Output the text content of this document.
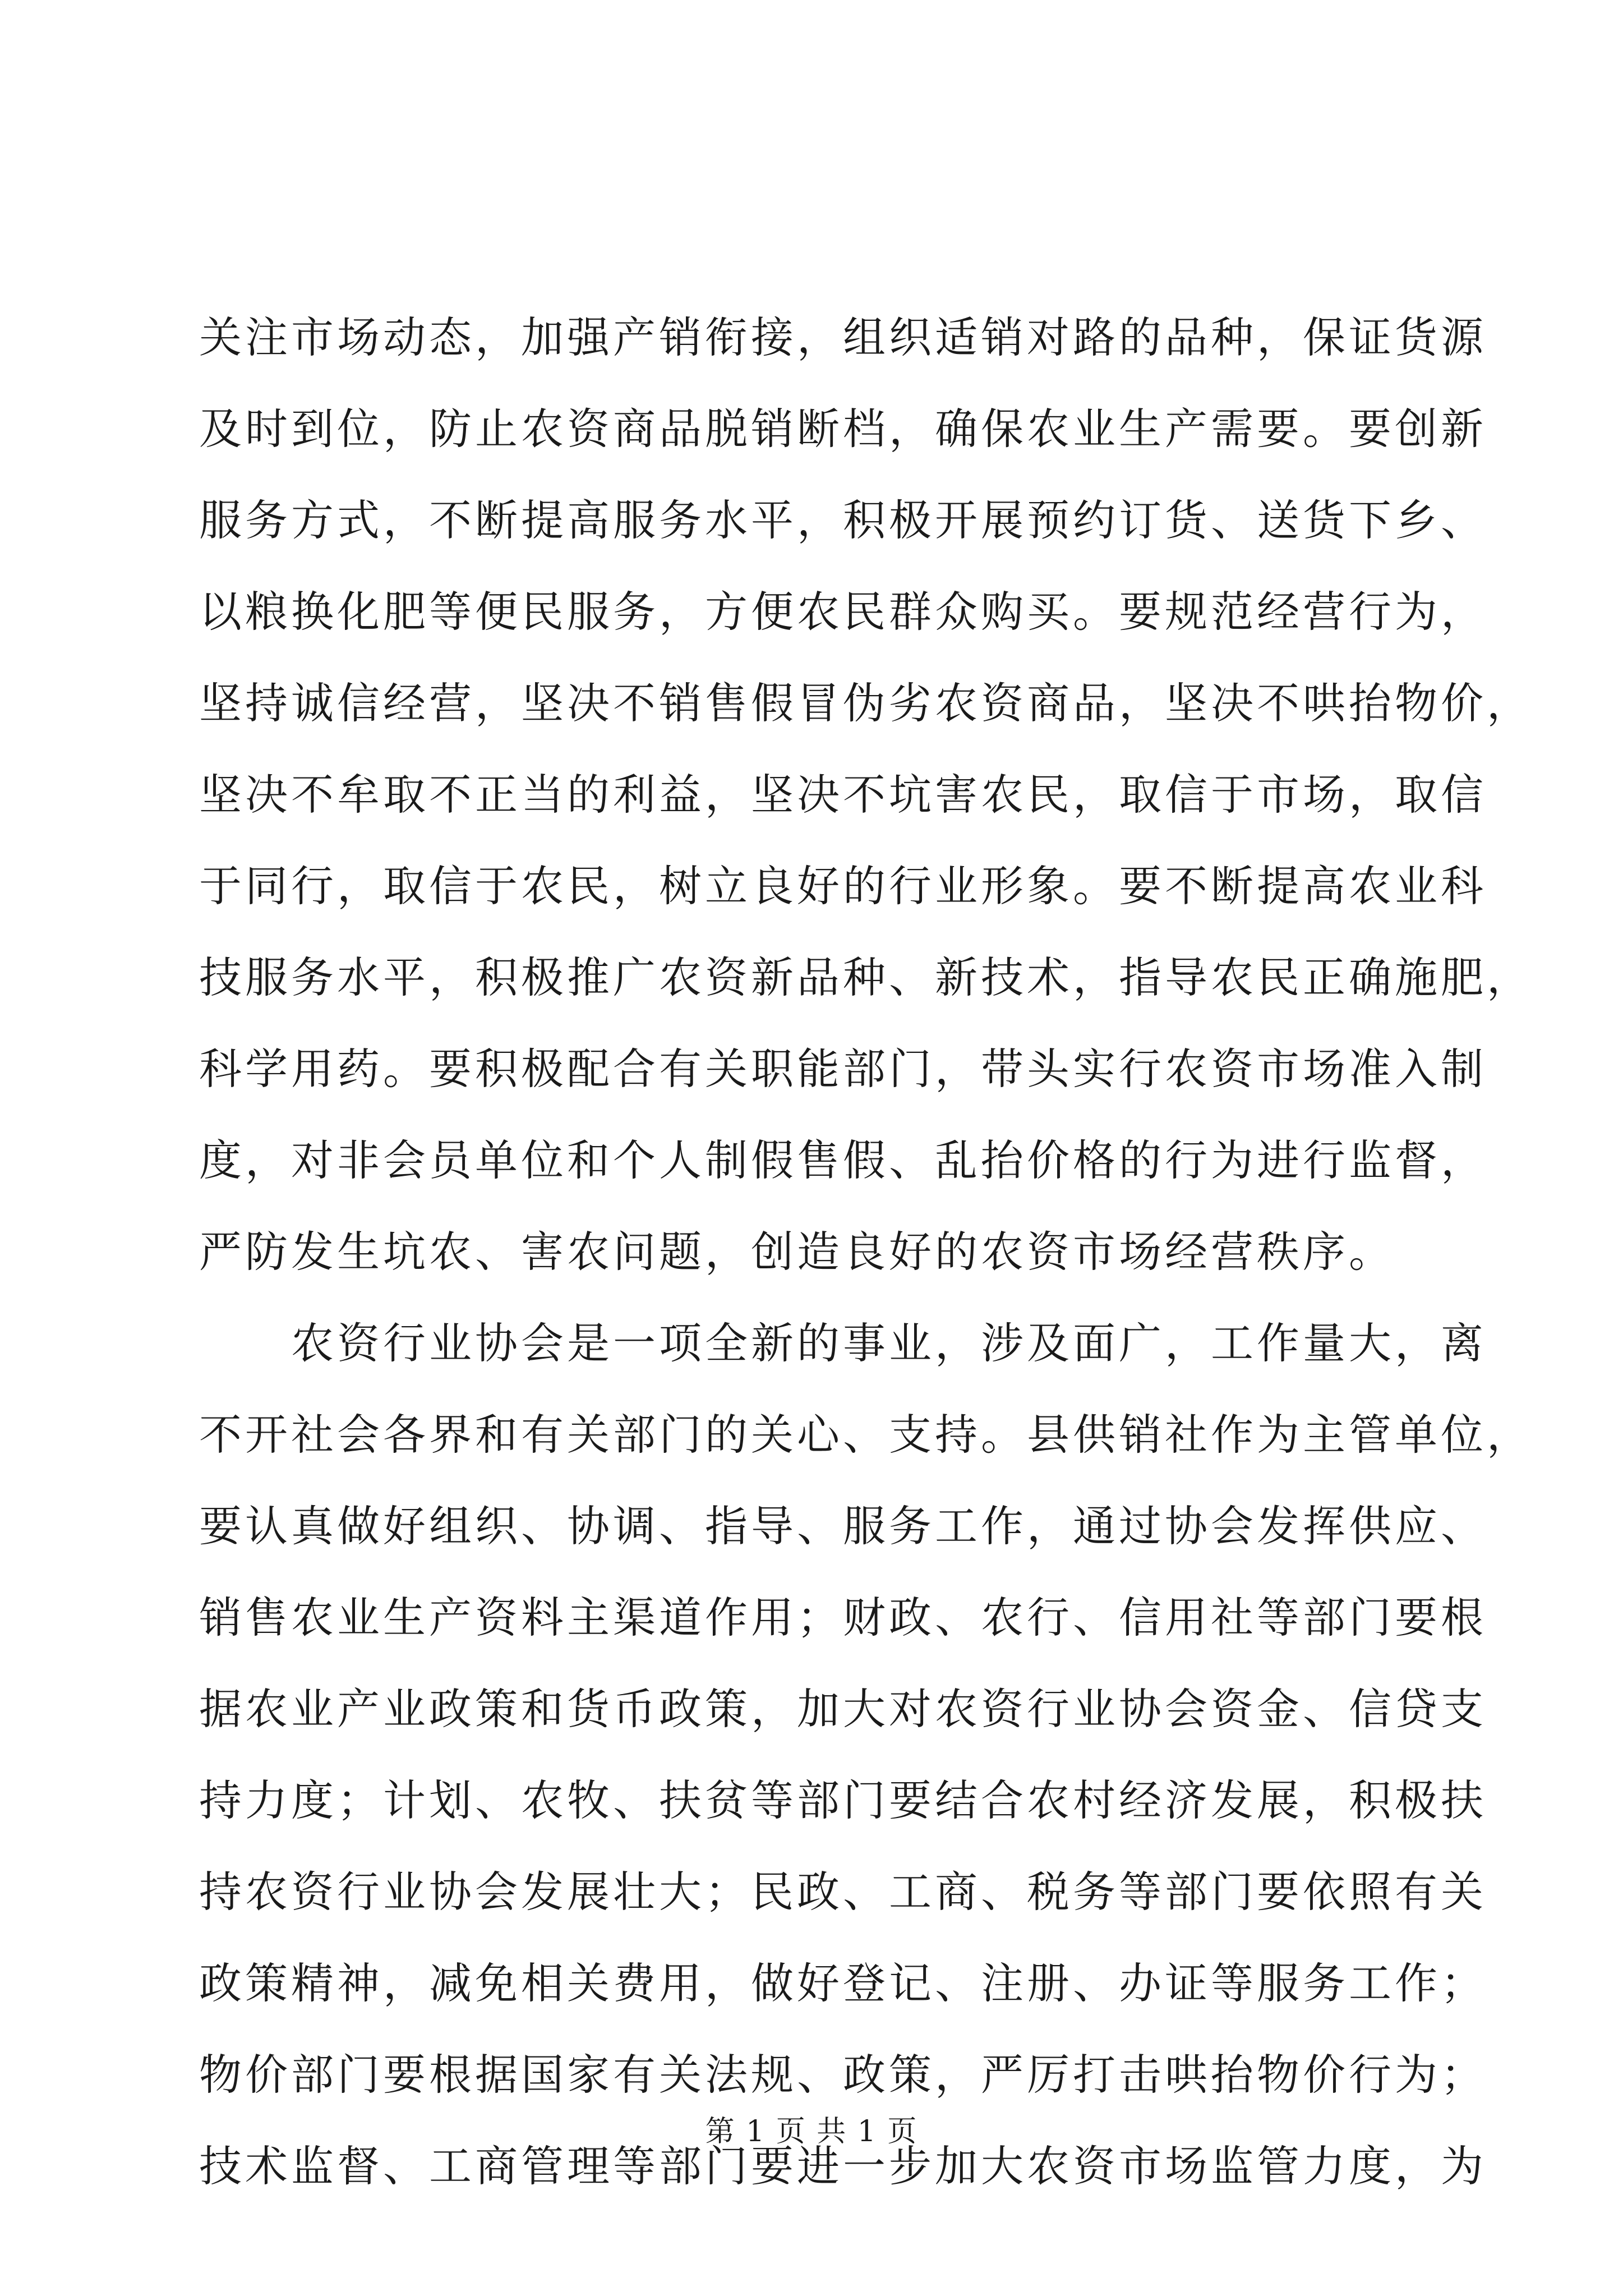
关注市场动态，加强产销衔接，组织适销对路的品种，保证货源
及时到位，防止农资商品脱销断档，确保农业生产需要。要创新
服务方式，不断提高服务水平，积极开展预约订货、送货下乡、
以粮换化肥等便民服务，方便农民群众购买。要规范经营行为，
坚持诚信经营，坚决不销售假冒伪劣农资商品，坚决不哄抬物价，
坚决不牟取不正当的利益，坚决不坑害农民，取信于市场，取信
于同行，取信于农民，树立良好的行业形象。要不断提高农业科
技服务水平，积极推广农资新品种、新技术，指导农民正确施肥，
科学用药。要积极配合有关职能部门，带头实行农资市场准入制
度，对非会员单位和个人制假售假、乱抬价格的行为进行监督，
严防发生坑农、害农问题，创造良好的农资市场经营秩序。
　　农资行业协会是一项全新的事业，涉及面广，工作量大，离
不开社会各界和有关部门的关心、支持。县供销社作为主管单位，
要认真做好组织、协调、指导、服务工作，通过协会发挥供应、
销售农业生产资料主渠道作用；财政、农行、信用社等部门要根
据农业产业政策和货币政策，加大对农资行业协会资金、信贷支
持力度；计划、农牧、扶贫等部门要结合农村经济发展，积极扶
持农资行业协会发展壮大；民政、工商、税务等部门要依照有关
政策精神，减免相关费用，做好登记、注册、办证等服务工作；
物价部门要根据国家有关法规、政策，严厉打击哄抬物价行为；
技术监督、工商管理等部门要进一步加大农资市场监管力度，为
第 1 页 共 1 页
